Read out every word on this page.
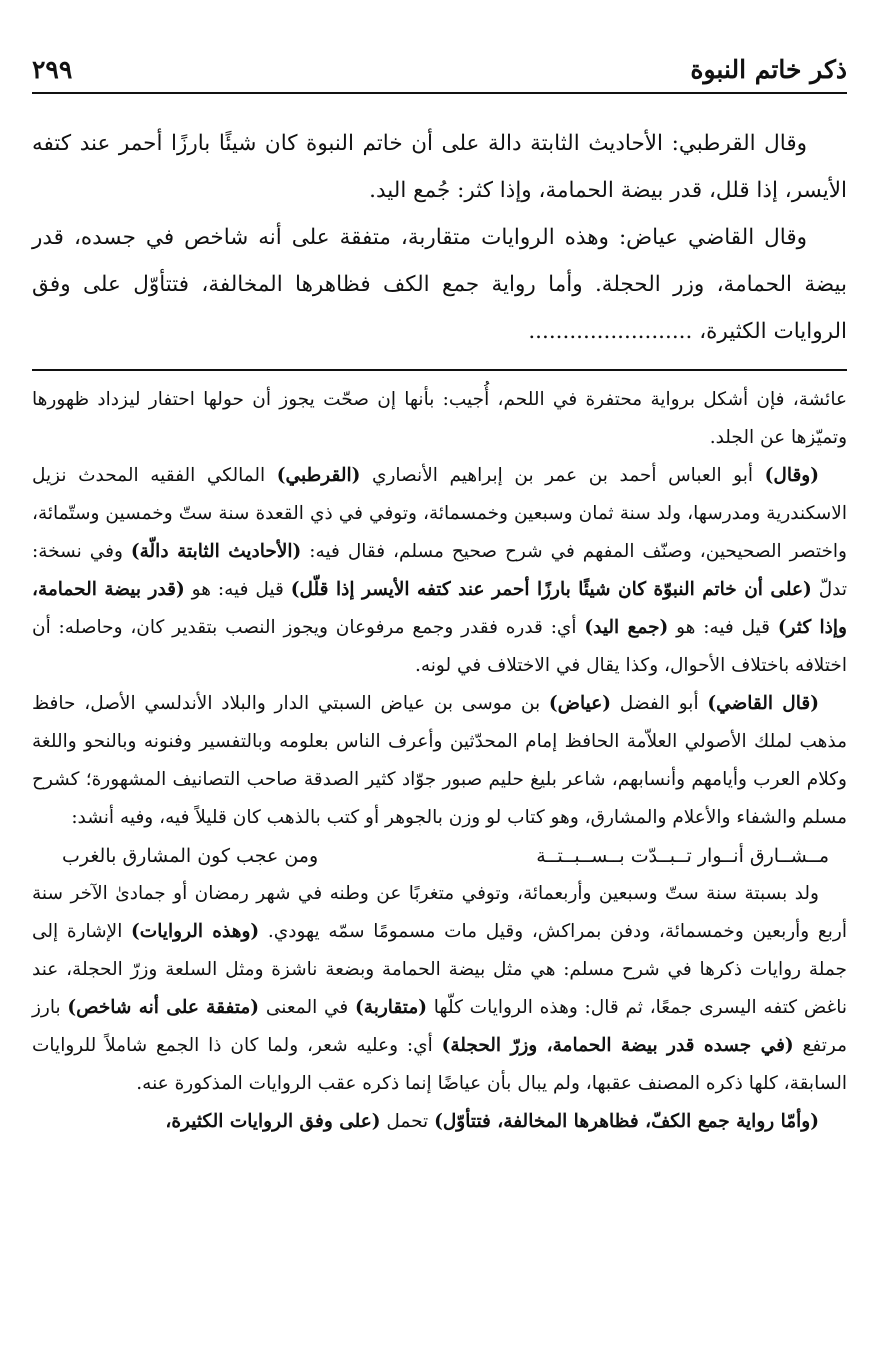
ذكر خاتم النبوة
٢٩٩

وقال القرطبي: الأحاديث الثابتة دالة على أن خاتم النبوة كان شيئًا بارزًا أحمر عند كتفه الأيسر، إذا قلل، قدر بيضة الحمامة، وإذا كثر: جُمع اليد.

وقال القاضي عياض: وهذه الروايات متقاربة، متفقة على أنه شاخص في جسده، قدر بيضة الحمامة، وزر الحجلة. وأما رواية جمع الكف فظاهرها المخالفة، فتتأوّل على وفق الروايات الكثيرة، ........................

عائشة، فإن أشكل برواية محتفرة في اللحم، أُجيب: بأنها إن صحّت يجوز أن حولها احتفار ليزداد ظهورها وتميّزها عن الجلد.

(وقال) أبو العباس أحمد بن عمر بن إبراهيم الأنصاري (القرطبي) المالكي الفقيه المحدث نزيل الاسكندرية ومدرسها، ولد سنة ثمان وسبعين وخمسمائة، وتوفي في ذي القعدة سنة ستّ وخمسين وستّمائة، واختصر الصحيحين، وصنّف المفهم في شرح صحيح مسلم، فقال فيه: (الأحاديث الثابتة دالّة) وفي نسخة: تدلّ (على أن خاتم النبوّة كان شيئًا بارزًا أحمر عند كتفه الأيسر إذا قلّل) قيل فيه: هو (قدر بيضة الحمامة، وإذا كثر) قيل فيه: هو (جمع اليد) أي: قدره فقدر وجمع مرفوعان ويجوز النصب بتقدير كان، وحاصله: أن اختلافه باختلاف الأحوال، وكذا يقال في الاختلاف في لونه.

(قال القاضي) أبو الفضل (عياض) بن موسى بن عياض السبتي الدار والبلاد الأندلسي الأصل، حافظ مذهب لملك الأصولي العلاّمة الحافظ إمام المحدّثين وأعرف الناس بعلومه وبالتفسير وفنونه وبالنحو واللغة وكلام العرب وأيامهم وأنسابهم، شاعر بليغ حليم صبور جوّاد كثير الصدقة صاحب التصانيف المشهورة؛ كشرح مسلم والشفاء والأعلام والمشارق، وهو كتاب لو وزن بالجوهر أو كتب بالذهب كان قليلاً فيه، وفيه أنشد:

مــشــارق أنــوار تــبــدّت بــســبــتــة
ومن عجب كون المشارق بالغرب

ولد بسبتة سنة ستّ وسبعين وأربعمائة، وتوفي متغربًا عن وطنه في شهر رمضان أو جمادىٰ الآخر سنة أربع وأربعين وخمسمائة، ودفن بمراكش، وقيل مات مسمومًا سمّه يهودي. (وهذه الروايات) الإشارة إلى جملة روايات ذكرها في شرح مسلم: هي مثل بيضة الحمامة وبضعة ناشزة ومثل السلعة وزرّ الحجلة، عند ناغض كتفه اليسرى جمعًا، ثم قال: وهذه الروايات كلّها (متقاربة) في المعنى (متفقة على أنه شاخص) بارز مرتفع (في جسده قدر بيضة الحمامة، وزرّ الحجلة) أي: وعليه شعر، ولما كان ذا الجمع شاملاً للروايات السابقة، كلها ذكره المصنف عقبها، ولم يبال بأن عياضًا إنما ذكره عقب الروايات المذكورة عنه.

(وأمّا رواية جمع الكفّ، فظاهرها المخالفة، فتتأوّل) تحمل (على وفق الروايات الكثيرة،
